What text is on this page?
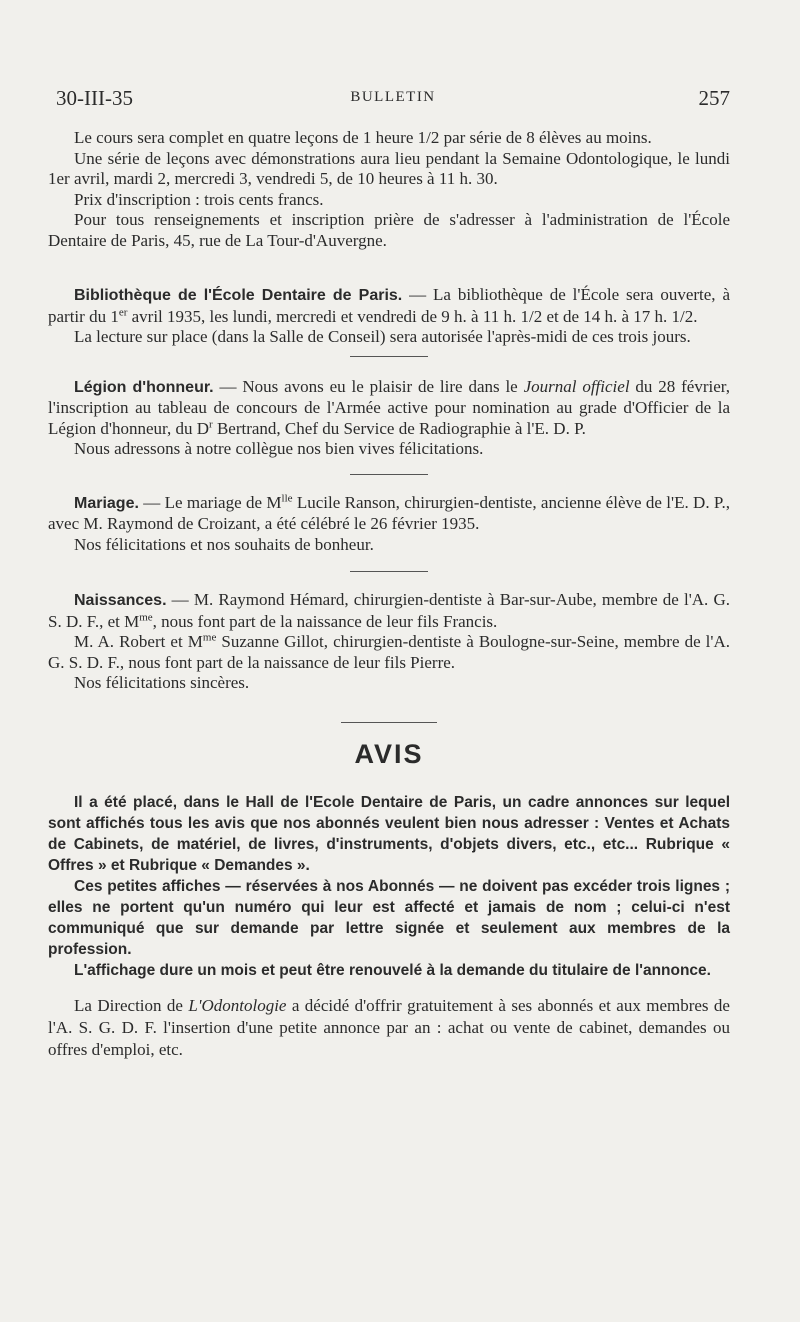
30-III-35	BULLETIN	257

Le cours sera complet en quatre leçons de 1 heure 1/2 par série de 8 élèves au moins.

Une série de leçons avec démonstrations aura lieu pendant la Semaine Odontologique, le lundi 1er avril, mardi 2, mercredi 3, vendredi 5, de 10 heures à 11 h. 30.

Prix d'inscription : trois cents francs.

Pour tous renseignements et inscription prière de s'adresser à l'administration de l'École Dentaire de Paris, 45, rue de La Tour-d'Auvergne.

Bibliothèque de l'École Dentaire de Paris. — La bibliothèque de l'École sera ouverte, à partir du 1er avril 1935, les lundi, mercredi et vendredi de 9 h. à 11 h. 1/2 et de 14 h. à 17 h. 1/2.

La lecture sur place (dans la Salle de Conseil) sera autorisée l'après-midi de ces trois jours.

Légion d'honneur. — Nous avons eu le plaisir de lire dans le Journal officiel du 28 février, l'inscription au tableau de concours de l'Armée active pour nomination au grade d'Officier de la Légion d'honneur, du $D^r$ Bertrand, Chef du Service de Radiographie à l'E. D. P.

Nous adressons à notre collègue nos bien vives félicitations.

Mariage. — Le mariage de $M^{lle}$ Lucile Ranson, chirurgien-dentiste, ancienne élève de l'E. D. P., avec M. Raymond de Croizant, a été célébré le 26 février 1935.

Nos félicitations et nos souhaits de bonheur.

Naissances. — M. Raymond Hémard, chirurgien-dentiste à Bar-sur-Aube, membre de l'A. G. S. D. F., et $M^{me}$, nous font part de la naissance de leur fils Francis.

M. A. Robert et $M^{me}$ Suzanne Gillot, chirurgien-dentiste à Boulogne-sur-Seine, membre de l'A. G. S. D. F., nous font part de la naissance de leur fils Pierre.

Nos félicitations sincères.

AVIS

Il a été placé, dans le Hall de l'Ecole Dentaire de Paris, un cadre annonces sur lequel sont affichés tous les avis que nos abonnés veulent bien nous adresser : Ventes et Achats de Cabinets, de matériel, de livres, d'instruments, d'objets divers, etc., etc... Rubrique « Offres » et Rubrique « Demandes ».

Ces petites affiches — réservées à nos Abonnés — ne doivent pas excéder trois lignes ; elles ne portent qu'un numéro qui leur est affecté et jamais de nom ; celui-ci n'est communiqué que sur demande par lettre signée et seulement aux membres de la profession.

L'affichage dure un mois et peut être renouvelé à la demande du titulaire de l'annonce.

La Direction de L'Odontologie a décidé d'offrir gratuitement à ses abonnés et aux membres de l'A. S. G. D. F. l'insertion d'une petite annonce par an : achat ou vente de cabinet, demandes ou offres d'emploi, etc.
